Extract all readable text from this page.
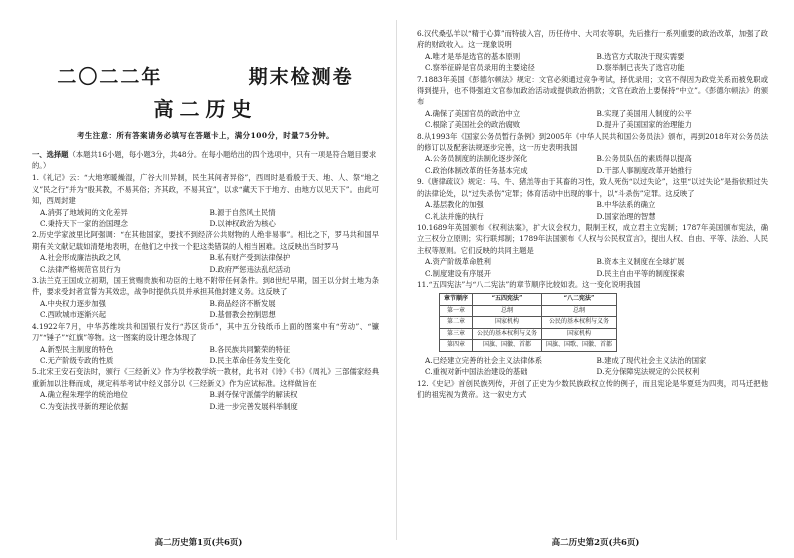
二〇二二年          期末检测卷
高二历史
考生注意：所有答案请务必填写在答题卡上，满分100分，时量75分钟。
一、选择题（本题共16小题，每小题3分，共48分。在每小题给出的四个选项中，只有一项是符合题目要求的。）

1.《礼记》云：“大地寒暖燥湿，广谷大川异制，民生其间者异俗”，西周时是看殷于天、地、人、祭“地之义”民之行”并为“殷其教，不易其俗；齐其政，不易其宜”，以求“藏天下于地方、由地方以见天下”。由此可知，西周封建

A.消弭了地域间的文化差异	B.源于自然风土民情
C.秉持天下一家的治国理念	D.以神权政治为核心

2.历史学家波里比阿强调：“在其他国家，要找不到经济公共财物的人绝非易事”。相比之下，罗马共和国早期有关文献记载如清楚地表明，在他们之中找一个犯这类错误的人相当困难。这反映出当时罗马

A.社会形成廉洁执政之风	B.私有财产受到法律保护
C.法律严格规范官员行为	D.政府严惩违法乱纪活动

3.法兰克王国成立初期，国王赏赐贵族和功臣的土地不附带任何条件。到8世纪早期，国王以分封土地为条件，要求受封者宣誓为其效忠，战争时提供兵员并承担其他封建义务。这反映了

A.中央权力逐步加强	B.商品经济不断发展
C.西欧城市逐渐兴起	D.基督教会控制思想

4.1922年7月，中华苏维埃共和国银行发行“苏区货币”，其中五分钱纸币上面的图案中有“劳动”、“镰刀”“锤子”“红旗”等物。这一图案的设计理念体现了

A.新型民主制度的特色	B.各民族共同繁荣的特征
C.无产阶级专政的性质	D.民主革命任务发生变化

5.北宋王安石变法时，颁行《三经新义》作为学校教学统一教材，此书对《诗》《书》《周礼》三部儒家经典重新加以注释而成，规定科举考试中经义部分以《三经新义》作为应试标准。这样做旨在

A.确立程朱理学的统治地位	B.剥夺保守派儒学的解读权
C.为变法找寻新的理论依据	D.进一步完善发展科举制度
高二历史第1页(共6页)

6.汉代桑弘羊以“精于心算”而特拔入宫，历任侍中、大司农等职，先后推行一系列重要的政治改革，加强了政府的财政收入。这一现象说明

A.唯才是举是选官的基本原则	B.选官方式取决于现实需要
C.察举征辟是官员录用的主要途径	D.察举制已丧失了选官功能

7.1883年美国《彭德尔顿法》规定：文官必须通过竞争考试，择优录用；文官不得因为政党关系而被免职或得到提升，也不得强迫文官参加政治活动或提供政治捐款；文官在政治上要保持“中立”。《彭德尔顿法》的颁布

A.确保了美国官员的政治中立	B.实现了美国用人制度的公平
C.根除了美国社会的政治腐败	D.提升了美国国家的治理能力

8.从1993年《国家公务员暂行条例》到2005年《中华人民共和国公务员法》颁布，再到2018年对公务员法的修订以及配套法规逐步完善，这一历史表明我国

A.公务员制度的法制化逐步深化	B.公务员队伍的素质得以提高
C.政治体制改革的任务基本完成	D.干部人事制度改革开始推行

9.《唐律疏议》规定：马、牛、猪羔等由于其畜的习性，致人死伤“以过失论”，这里“以过失论”是指依照过失的法律论处，以“过失杀伤”定罪；体育活动中出现的事十，以“斗杀伤”定罪。这反映了

A.基层教化的加强	B.中华法系的确立
C.礼法并施的执行	D.国家治理的智慧

10.1689年英国颁布《权利法案》，扩大议会权力，限制王权，成立君主立宪制；1787年美国颁布宪法，确立三权分立原则；实行联邦制；1789年法国颁布《人权与公民权宣言》，提出人权、自由、平等、法治、人民主权等原则。它们反映的共同主题是

A.资产阶级革命胜利	B.资本主义制度在全球扩展
C.制度建设有序展开	D.民主自由平等的制度探索

11.“五四宪法”与“八二宪法”的章节顺序比较如表。这一变化说明我国

章节顺序	“五四宪法”	“八二宪法”
第一章	总纲	总纲
第二章	国家机构	公民的基本权利与义务
第三章	公民的基本权利与义务	国家机构
第四章	国旗、国徽、首都	国旗、国歌、国徽、首都
A.已经建立完善的社会主义法律体系	B.建成了现代社会主义法治的国家
C.重视对新中国法治建设的基础	D.充分保障宪法规定的公民权利

12.《史记》首创民族列传，开创了正史为少数民族政权立传的例子，而且宪论是华夏廷为四夷，司马迁把他们的祖宪视为黄帝。这一叙史方式

高二历史第2页(共6页)
